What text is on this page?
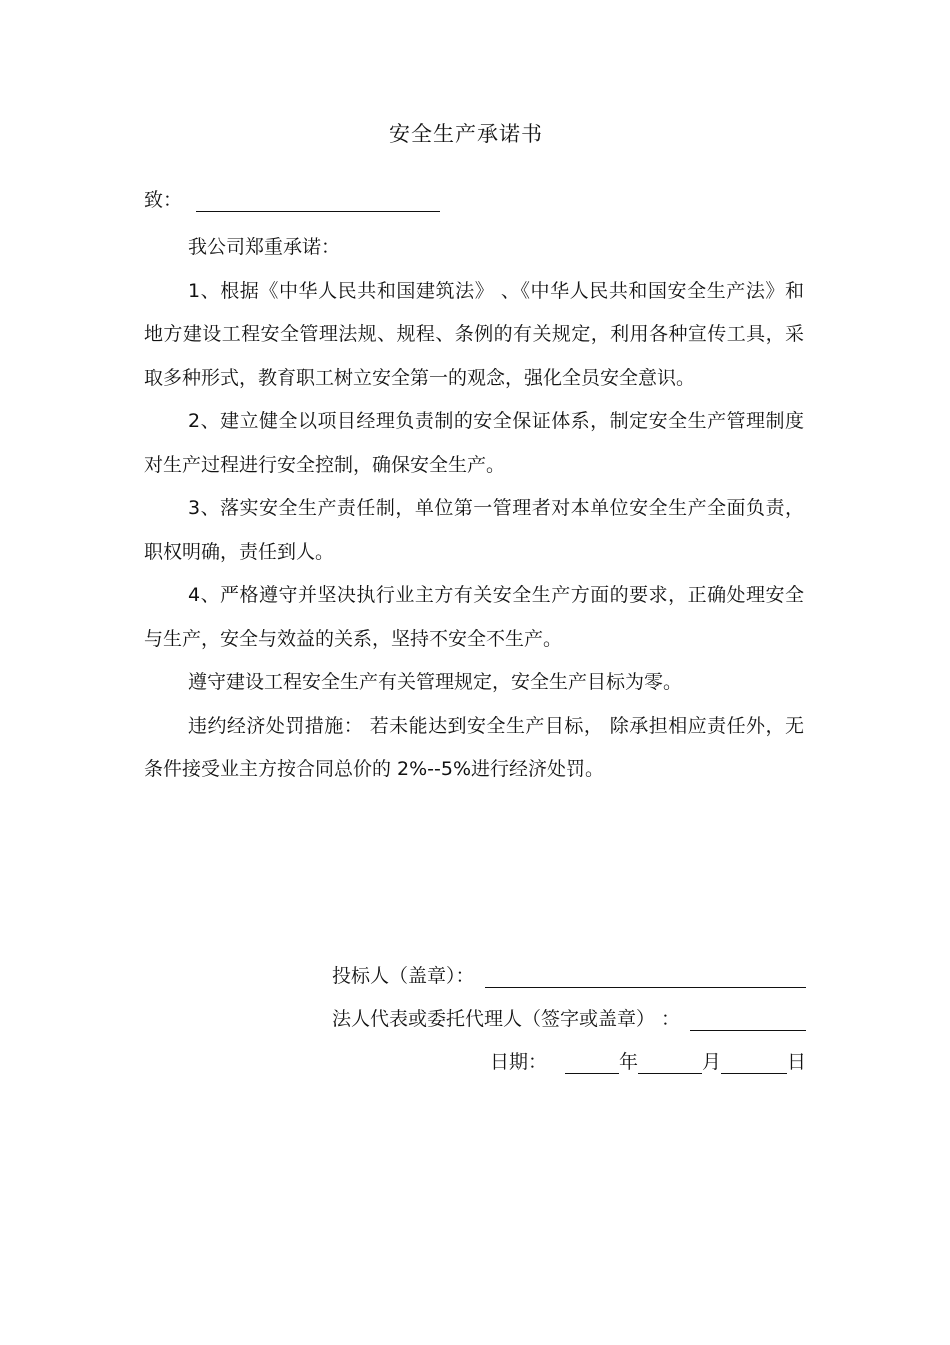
安全生产承诺书
致：

我公司郑重承诺：

1、根据《中华人民共和国建筑法》 、《中华人民共和国安全生产法》和地方建设工程安全管理法规、规程、条例的有关规定，利用各种宣传工具，采取多种形式，教育职工树立安全第一的观念，强化全员安全意识。

2、建立健全以项目经理负责制的安全保证体系，制定安全生产管理制度对生产过程进行安全控制，确保安全生产。

3、落实安全生产责任制，单位第一管理者对本单位安全生产全面负责，职权明确，责任到人。

4、严格遵守并坚决执行业主方有关安全生产方面的要求，正确处理安全与生产，安全与效益的关系，坚持不安全不生产。

遵守建设工程安全生产有关管理规定，安全生产目标为零。

违约经济处罚措施： 若未能达到安全生产目标， 除承担相应责任外，无条件接受业主方按合同总价的 2%--5%进行经济处罚。

投标人（盖章）：
法人代表或委托代理人（签字或盖章） ：
日期：	年	月	日
